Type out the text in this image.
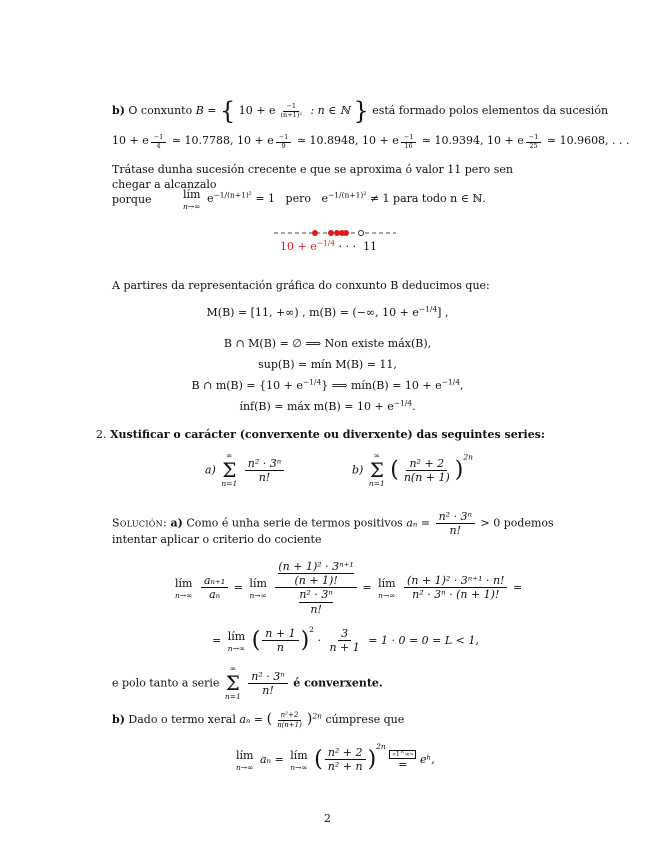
b) O conxunto B = { 10 + e $^{\frac{-1}{\text{(n+1)²}}}$ : n ∈ ℕ } está formado polos elementos da sucesión
10 + e $^{\frac{-1}{4}}$ ≃ 10.7788, 10 + e $^{\frac{-1}{9}}$ ≃ 10.8948, 10 + e $^{\frac{-1}{16}}$ ≃ 10.9394, 10 + e $^{\frac{-1}{25}}$ ≃ 10.9608, . . .
Trátase dunha sucesión crecente e que se aproxima ó valor 11 pero sen chegar a alcanzalo
porque	lím
n→∞
$e^{-1/(n+1)^2} = 1$ pero $e^{-1/(n+1)^2} \ne 1$ para todo n ∈ ℕ.
$10 + e^{-1/4}$ · · · 11
A partires da representación gráfica do conxunto B deducimos que:
M(B) = [11, +∞) , m(B) = (−∞, $10 + e^{-1/4}$] ,
B ∩ M(B) = ∅ ⟹ Non existe máx(B),
sup(B) = mín M(B) = 11,
B ∩ $m(B) = \{10 + e^{-1/4}\}$ ⟹ mín(B) = $10 + e^{-1/4}$,
ínf(B) = máx $m(B) = 10 + e^{-1/4}$.
2. Xustificar o carácter (converxente ou diverxente) das seguintes series:
a)
∞
Σ
n=1
$\frac{\text{n² · 3ⁿ}}{n!}$	b)
∞
Σ
n=1
( $\frac{\text{n² + 2}}{n(n + 1)} )^{2n}$
Solución: a) Como é unha serie de termos positivos $a_n = \frac{\text{n² · 3ⁿ}}{n!} > 0$ podemos
intentar aplicar o criterio do cociente
lím
n→∞
$\frac{\text{aₙ₊₁}}{\text{aₙ}}$ = lím
n→∞
(n + 1)² · 3ⁿ⁺¹
(n + 1)!
n² · 3ⁿ
n! = lím
n→∞
$\frac{\text{(n + 1)² · 3ⁿ⁺¹ · n!}}{\text{n² · 3ⁿ · (n + 1)!}}$ =
= lím
n→∞ ( $\frac{n + 1}{n} )^2 \cdot \frac{3}{n + 1} = 1 \cdot 0 = 0 = L < 1$,
e polo tanto a serie
∞
Σ
n=1
$\frac{\text{n² · 3ⁿ}}{n!}$ é converxente.
b) Dado o termo xeral aₙ = ( $\frac{\text{n²+2}}{n(n+1)} )^{2n}$ cúmprese que
lím
n→∞
aₙ = lím
n→∞ ( $\frac{\text{n² + 2}}{\text{n² + n}} )^{2n}$
«1^∞»
= eʰ,
2
